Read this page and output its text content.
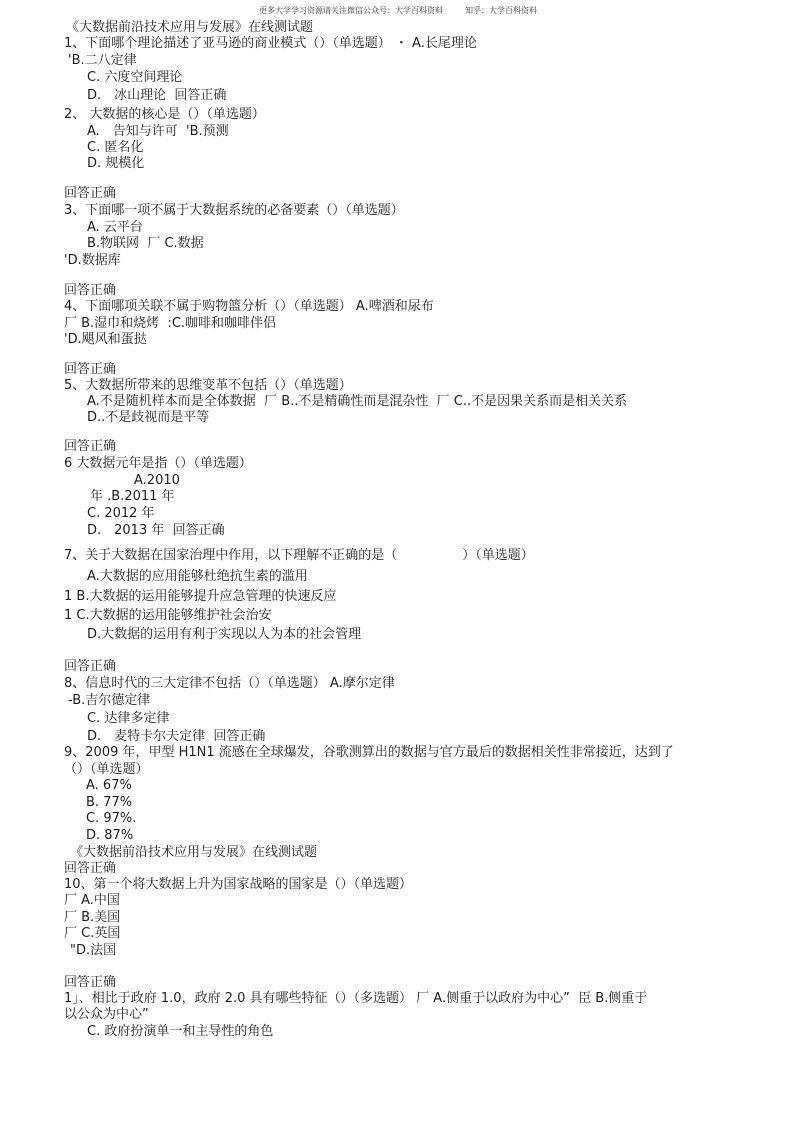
更多大学学习资源请关注微信公众号：大学百科资料	知乎：大学百科资料
《大数据前沿技术应用与发展》在线测试题
1、下面哪个理论描述了亚马逊的商业模式（）（单选题） ・ A.长尾理论
'B.二八定律
C. 六度空间理论
D.　冰山理论  回答正确
2、 大数据的核心是（）（单选题）
A.　告知与许可  'B.预测
C. 匿名化
D. 规模化
回答正确
3、下面哪一项不属于大数据系统的必备要素（）（单选题）
A. 云平台
B.物联网  厂 C.数据
'D.数据库
回答正确
4、下面哪项关联不属于购物篮分析（）（单选题） A.啤酒和尿布
厂 B.湿巾和烧烤  :C.咖啡和咖啡伴侣
'D.飓风和蛋挞
回答正确
5、大数据所带来的思维变革不包括（）（单选题）
A.不是随机样本而是全体数据  厂 B..不是精确性而是混杂性  厂 C..不是因果关系而是相关关系
D..不是歧视而是平等
回答正确
6 大数据元年是指（）（单选题）
A.2010
年 .B.2011 年
C. 2012 年
D.　2013 年  回答正确
7、关于大数据在国家治理中作用，以下理解不正确的是（　　　　　）（单选题）
A.大数据的应用能够杜绝抗生素的滥用
1 B.大数据的运用能够提升应急管理的快速反应
1 C.大数据的运用能够维护社会治安
D.大数据的运用有利于实现以人为本的社会管理
回答正确
8、信息时代的三大定律不包括（）（单选题） A.摩尔定律
-B.吉尔德定律
C. 达律多定律
D.　麦特卡尔夫定律  回答正确
9、2009 年，甲型 H1N1 流感在全球爆发，谷歌测算出的数据与官方最后的数据相关性非常接近，达到了
（）（单选题）
A. 67%
B. 77%
C. 97%.
D. 87%
《大数据前沿技术应用与发展》在线测试题
回答正确
10、第一个将大数据上升为国家战略的国家是（）（单选题）
厂 A.中国
厂 B.美国
厂 C.英国
"D.法国
回答正确
1」、相比于政府 1.0，政府 2.0 具有哪些特征（）（多选题） 厂 A.侧重于以政府为中心”  臣 B.侧重于
以公众为中心”
C. 政府扮演单一和主导性的角色
